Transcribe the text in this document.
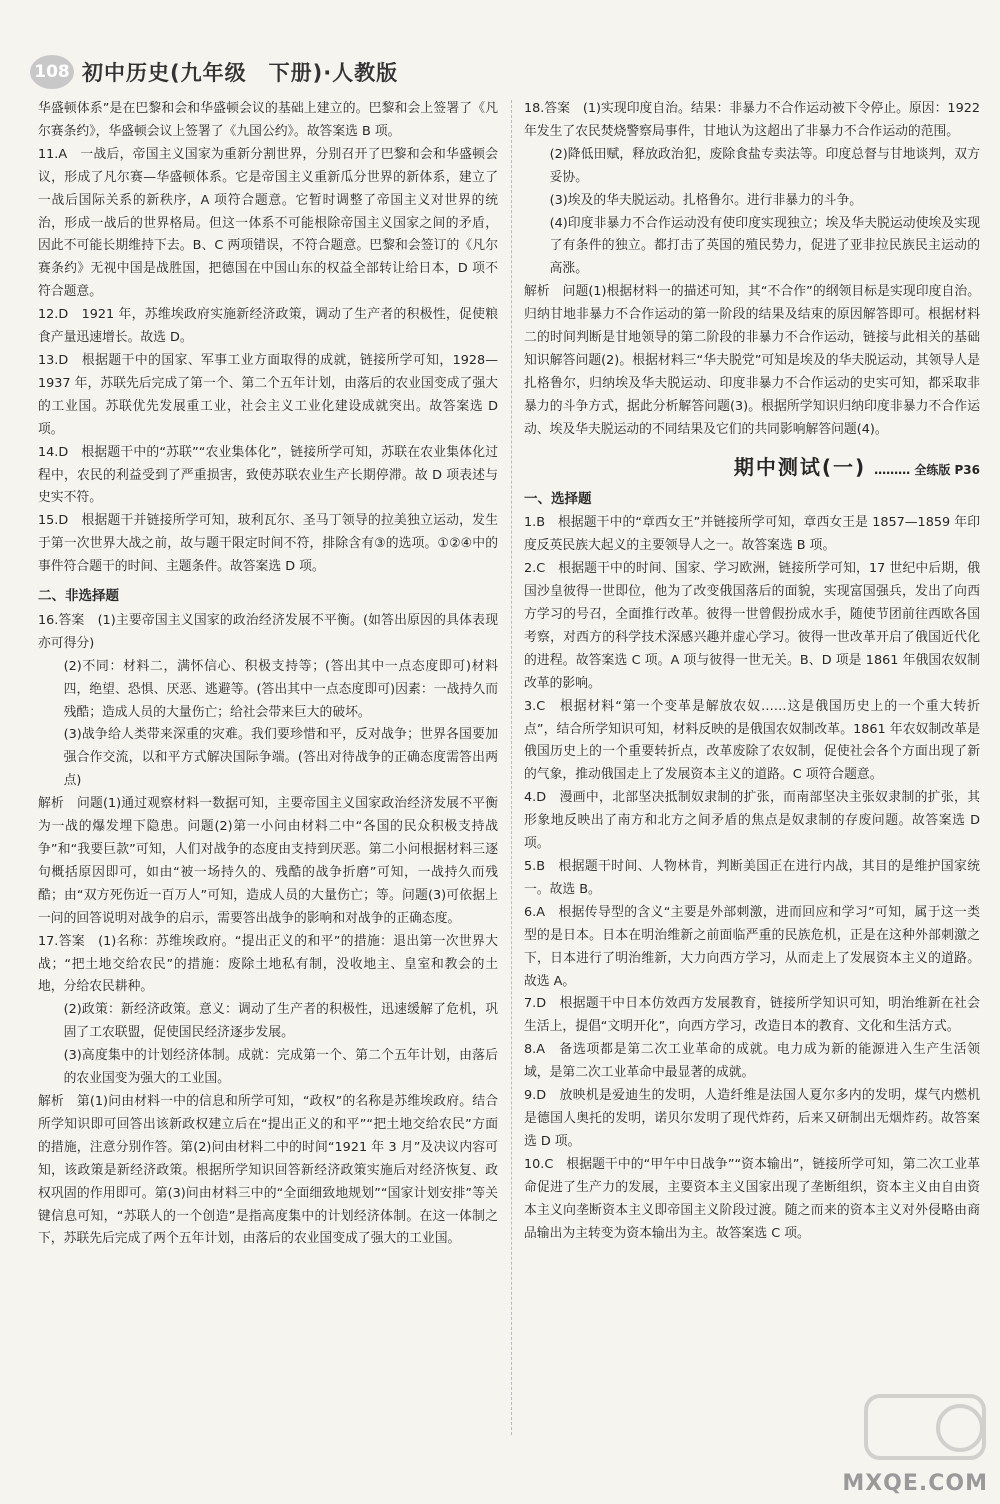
108 初中历史(九年级　下册)·人教版

华盛顿体系”是在巴黎和会和华盛顿会议的基础上建立的。巴黎和会上签署了《凡尔赛条约》，华盛顿会议上签署了《九国公约》。故答案选 B 项。

11.A　一战后，帝国主义国家为重新分割世界，分别召开了巴黎和会和华盛顿会议，形成了凡尔赛—华盛顿体系。它是帝国主义重新瓜分世界的新体系，建立了一战后国际关系的新秩序，A 项符合题意。它暂时调整了帝国主义对世界的统治，形成一战后的世界格局。但这一体系不可能根除帝国主义国家之间的矛盾，因此不可能长期维持下去。B、C 两项错误，不符合题意。巴黎和会签订的《凡尔赛条约》无视中国是战胜国，把德国在中国山东的权益全部转让给日本，D 项不符合题意。

12.D　1921 年，苏维埃政府实施新经济政策，调动了生产者的积极性，促使粮食产量迅速增长。故选 D。

13.D　根据题干中的国家、军事工业方面取得的成就，链接所学可知，1928—1937 年，苏联先后完成了第一个、第二个五年计划，由落后的农业国变成了强大的工业国。苏联优先发展重工业，社会主义工业化建设成就突出。故答案选 D 项。

14.D　根据题干中的“苏联”“农业集体化”，链接所学可知，苏联在农业集体化过程中，农民的利益受到了严重损害，致使苏联农业生产长期停滞。故 D 项表述与史实不符。

15.D　根据题干并链接所学可知，玻利瓦尔、圣马丁领导的拉美独立运动，发生于第一次世界大战之前，故与题干限定时间不符，排除含有③的选项。①②④中的事件符合题干的时间、主题条件。故答案选 D 项。

二、非选择题

16.答案　(1)主要帝国主义国家的政治经济发展不平衡。(如答出原因的具体表现亦可得分)

(2)不同：材料二，满怀信心、积极支持等；(答出其中一点态度即可)材料四，绝望、恐惧、厌恶、逃避等。(答出其中一点态度即可)因素：一战持久而残酷；造成人员的大量伤亡；给社会带来巨大的破坏。

(3)战争给人类带来深重的灾难。我们要珍惜和平，反对战争；世界各国要加强合作交流，以和平方式解决国际争端。(答出对待战争的正确态度需答出两点)

解析　问题(1)通过观察材料一数据可知，主要帝国主义国家政治经济发展不平衡为一战的爆发埋下隐患。问题(2)第一小问由材料二中“各国的民众积极支持战争”和“我要巨款”可知，人们对战争的态度由支持到厌恶。第二小问根据材料三逐句概括原因即可，如由“被一场持久的、残酷的战争折磨”可知，一战持久而残酷；由“双方死伤近一百万人”可知，造成人员的大量伤亡；等。问题(3)可依据上一问的回答说明对战争的启示，需要答出战争的影响和对战争的正确态度。

17.答案　(1)名称：苏维埃政府。“提出正义的和平”的措施：退出第一次世界大战；“把土地交给农民”的措施：废除土地私有制，没收地主、皇室和教会的土地，分给农民耕种。

(2)政策：新经济政策。意义：调动了生产者的积极性，迅速缓解了危机，巩固了工农联盟，促使国民经济逐步发展。

(3)高度集中的计划经济体制。成就：完成第一个、第二个五年计划，由落后的农业国变为强大的工业国。

解析　第(1)问由材料一中的信息和所学可知，“政权”的名称是苏维埃政府。结合所学知识即可回答出该新政权建立后在“提出正义的和平”“把土地交给农民”方面的措施，注意分别作答。第(2)问由材料二中的时间“1921 年 3 月”及决议内容可知，该政策是新经济政策。根据所学知识回答新经济政策实施后对经济恢复、政权巩固的作用即可。第(3)问由材料三中的“全面细致地规划”“国家计划安排”等关键信息可知，“苏联人的一个创造”是指高度集中的计划经济体制。在这一体制之下，苏联先后完成了两个五年计划，由落后的农业国变成了强大的工业国。

18.答案　(1)实现印度自治。结果：非暴力不合作运动被下令停止。原因：1922 年发生了农民焚烧警察局事件，甘地认为这超出了非暴力不合作运动的范围。

(2)降低田赋，释放政治犯，废除食盐专卖法等。印度总督与甘地谈判，双方妥协。

(3)埃及的华夫脱运动。扎格鲁尔。进行非暴力的斗争。

(4)印度非暴力不合作运动没有使印度实现独立；埃及华夫脱运动使埃及实现了有条件的独立。都打击了英国的殖民势力，促进了亚非拉民族民主运动的高涨。

解析　问题(1)根据材料一的描述可知，其“不合作”的纲领目标是实现印度自治。归纳甘地非暴力不合作运动的第一阶段的结果及结束的原因解答即可。根据材料二的时间判断是甘地领导的第二阶段的非暴力不合作运动，链接与此相关的基础知识解答问题(2)。根据材料三“华夫脱党”可知是埃及的华夫脱运动，其领导人是扎格鲁尔，归纳埃及华夫脱运动、印度非暴力不合作运动的史实可知，都采取非暴力的斗争方式，据此分析解答问题(3)。根据所学知识归纳印度非暴力不合作运动、埃及华夫脱运动的不同结果及它们的共同影响解答问题(4)。

期中测试(一) ……… 全练版 P36

一、选择题

1.B　根据题干中的“章西女王”并链接所学可知，章西女王是 1857—1859 年印度反英民族大起义的主要领导人之一。故答案选 B 项。

2.C　根据题干中的时间、国家、学习欧洲，链接所学可知，17 世纪中后期，俄国沙皇彼得一世即位，他为了改变俄国落后的面貌，实现富国强兵，发出了向西方学习的号召，全面推行改革。彼得一世曾假扮成水手，随使节团前往西欧各国考察，对西方的科学技术深感兴趣并虚心学习。彼得一世改革开启了俄国近代化的进程。故答案选 C 项。A 项与彼得一世无关。B、D 项是 1861 年俄国农奴制改革的影响。

3.C　根据材料“第一个变革是解放农奴……这是俄国历史上的一个重大转折点”，结合所学知识可知，材料反映的是俄国农奴制改革。1861 年农奴制改革是俄国历史上的一个重要转折点，改革废除了农奴制，促使社会各个方面出现了新的气象，推动俄国走上了发展资本主义的道路。C 项符合题意。

4.D　漫画中，北部坚决抵制奴隶制的扩张，而南部坚决主张奴隶制的扩张，其形象地反映出了南方和北方之间矛盾的焦点是奴隶制的存废问题。故答案选 D 项。

5.B　根据题干时间、人物林肯，判断美国正在进行内战，其目的是维护国家统一。故选 B。

6.A　根据传导型的含义“主要是外部刺激，进而回应和学习”可知，属于这一类型的是日本。日本在明治维新之前面临严重的民族危机，正是在这种外部刺激之下，日本进行了明治维新，大力向西方学习，从而走上了发展资本主义的道路。故选 A。

7.D　根据题干中日本仿效西方发展教育，链接所学知识可知，明治维新在社会生活上，提倡“文明开化”，向西方学习，改造日本的教育、文化和生活方式。

8.A　备选项都是第二次工业革命的成就。电力成为新的能源进入生产生活领域，是第二次工业革命中最显著的成就。

9.D　放映机是爱迪生的发明，人造纤维是法国人夏尔多内的发明，煤气内燃机是德国人奥托的发明，诺贝尔发明了现代炸药，后来又研制出无烟炸药。故答案选 D 项。

10.C　根据题干中的“甲午中日战争”“资本输出”，链接所学可知，第二次工业革命促进了生产力的发展，主要资本主义国家出现了垄断组织，资本主义由自由资本主义向垄断资本主义即帝国主义阶段过渡。随之而来的资本主义对外侵略由商品输出为主转变为资本输出为主。故答案选 C 项。

MXQE.COM
